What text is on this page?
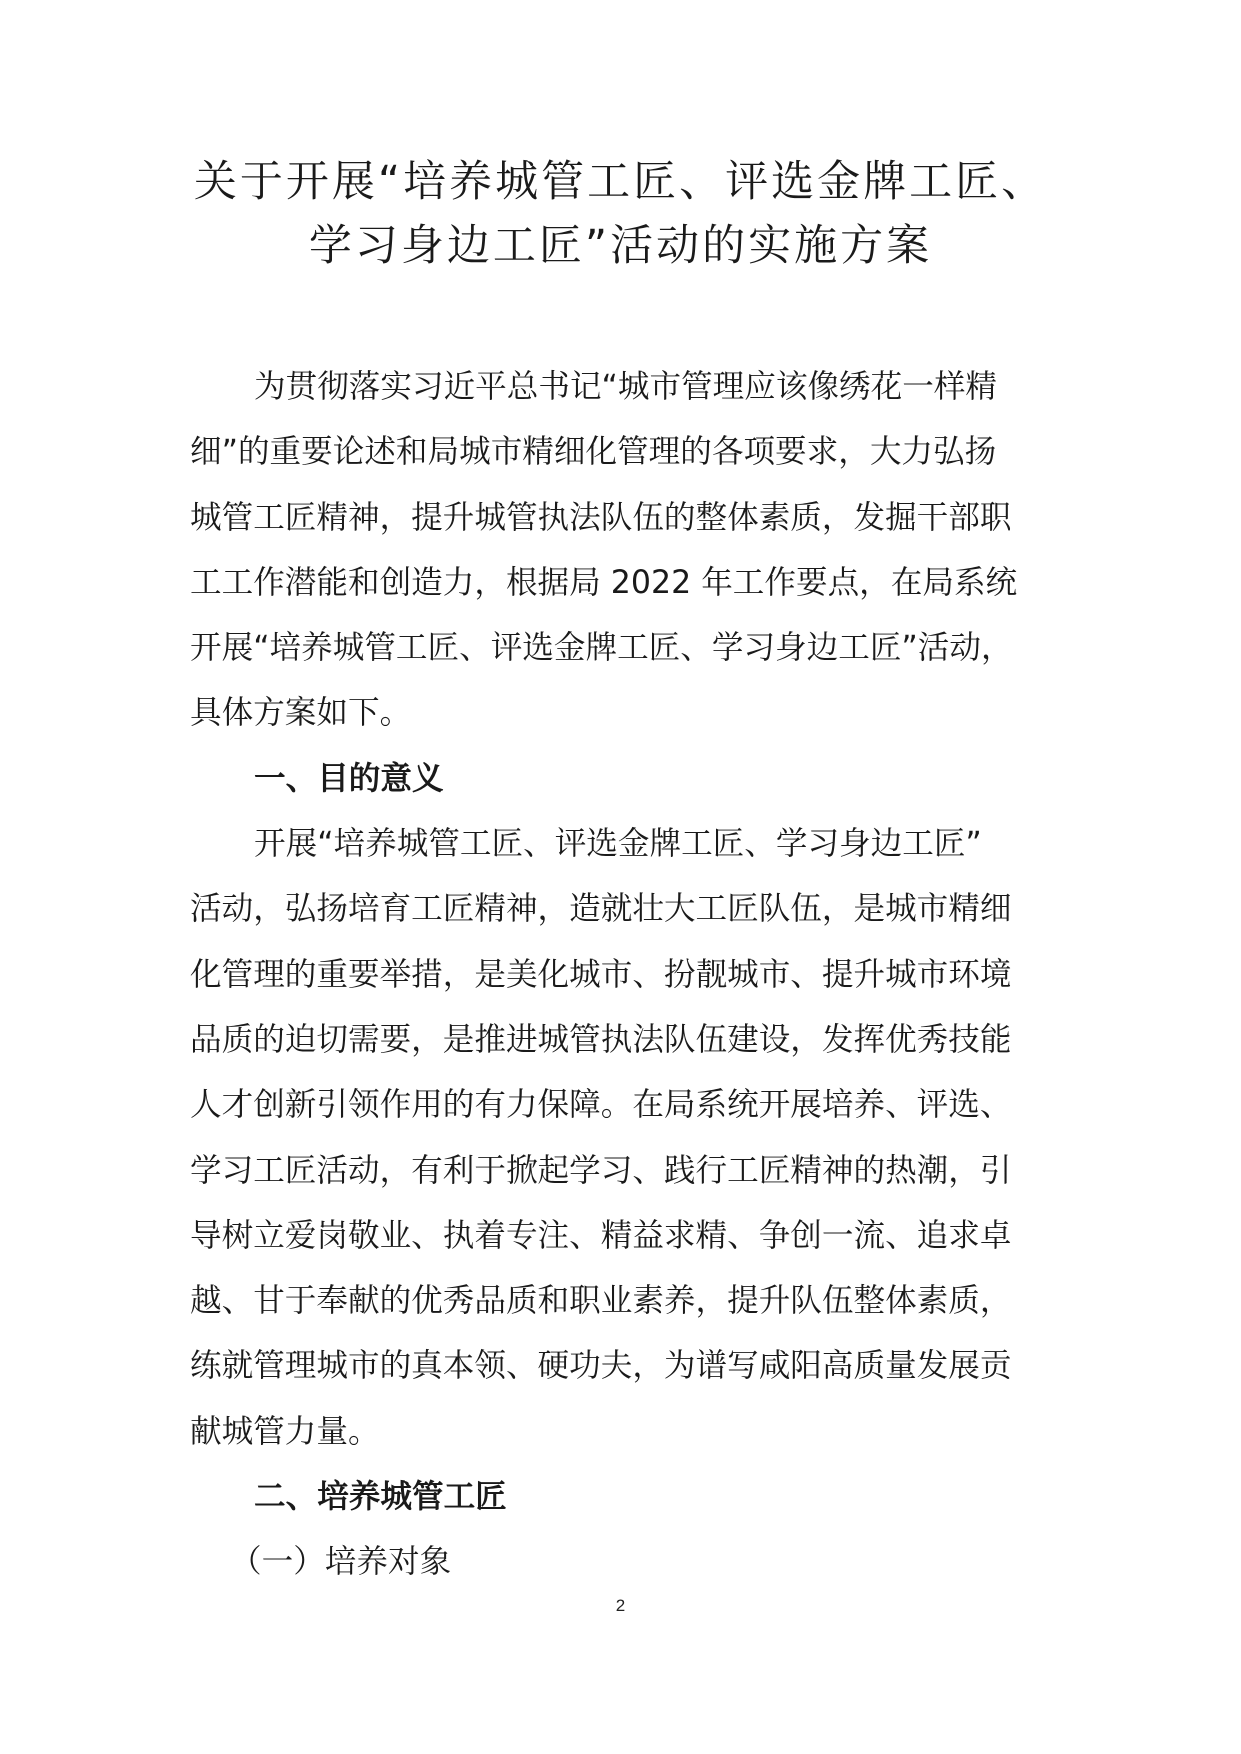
关于开展“培养城管工匠、评选金牌工匠、
学习身边工匠”活动的实施方案
为贯彻落实习近平总书记“城市管理应该像绣花一样精
细”的重要论述和局城市精细化管理的各项要求，大力弘扬
城管工匠精神，提升城管执法队伍的整体素质，发掘干部职
工工作潜能和创造力，根据局 2022 年工作要点，在局系统
开展“培养城管工匠、评选金牌工匠、学习身边工匠”活动，
具体方案如下。
一、目的意义
开展“培养城管工匠、评选金牌工匠、学习身边工匠”
活动，弘扬培育工匠精神，造就壮大工匠队伍，是城市精细
化管理的重要举措，是美化城市、扮靓城市、提升城市环境
品质的迫切需要，是推进城管执法队伍建设，发挥优秀技能
人才创新引领作用的有力保障。在局系统开展培养、评选、
学习工匠活动，有利于掀起学习、践行工匠精神的热潮，引
导树立爱岗敬业、执着专注、精益求精、争创一流、追求卓
越、甘于奉献的优秀品质和职业素养，提升队伍整体素质，
练就管理城市的真本领、硬功夫，为谱写咸阳高质量发展贡
献城管力量。
二、培养城管工匠
（一）培养对象
2
